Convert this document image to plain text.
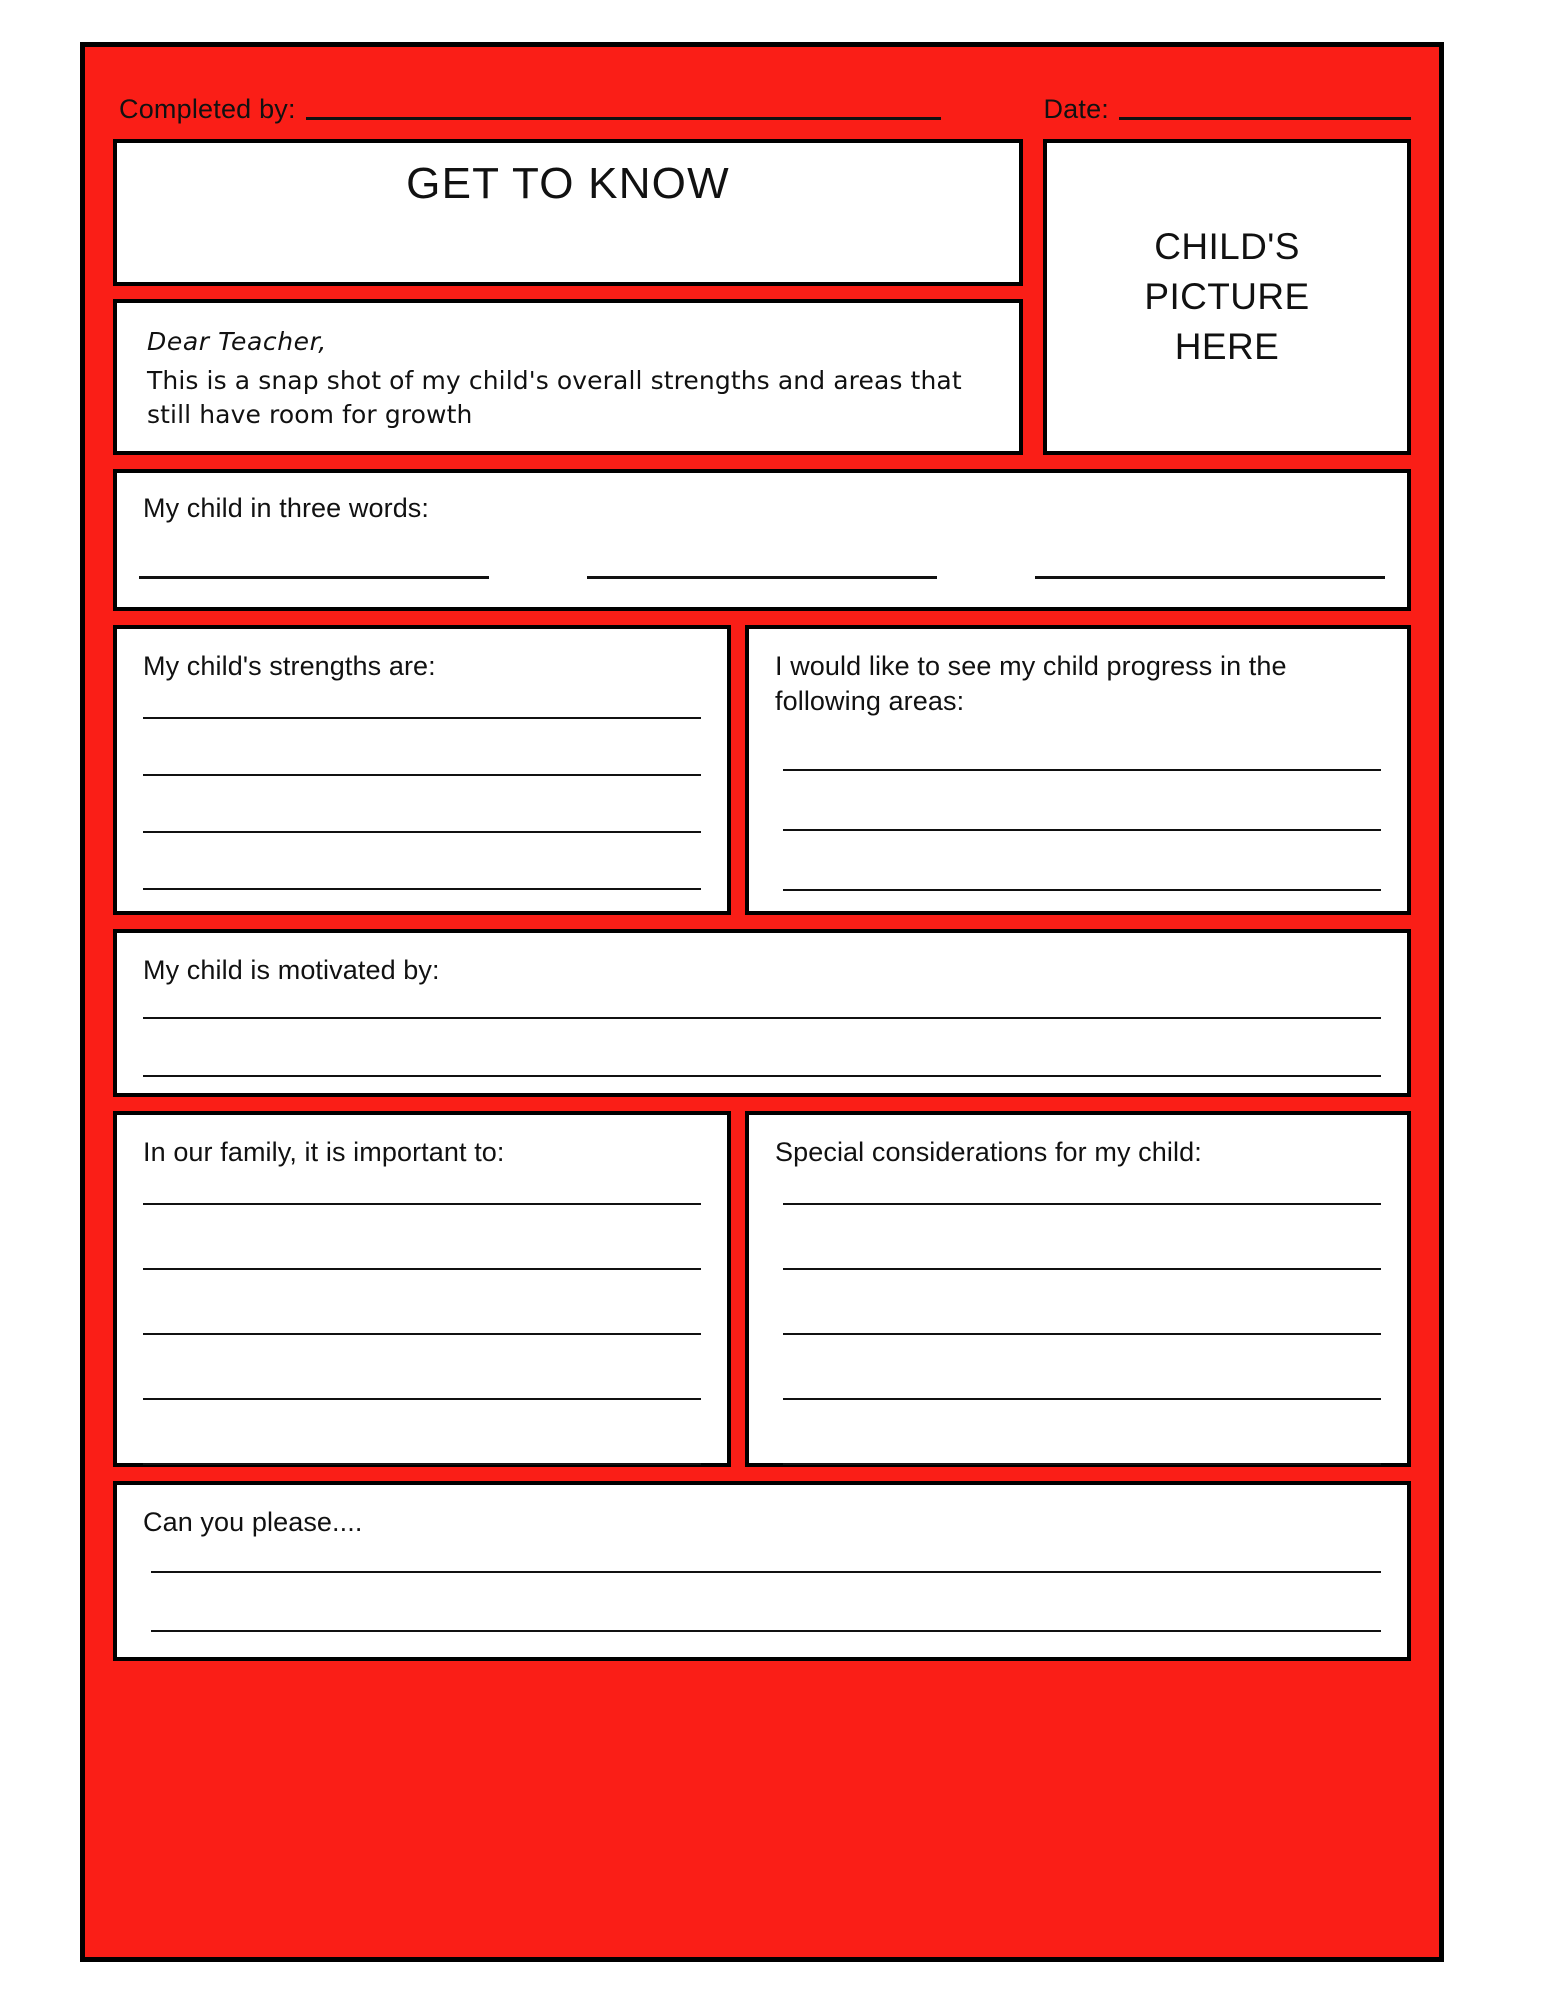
Completed by:	Date:
GET TO KNOW
Dear Teacher,
This is a snap shot of my child's overall strengths and areas that still have room for growth
CHILD'S
PICTURE
HERE
My child in three words:
My child's strengths are:	I would like to see my child progress in the following areas:
My child is motivated by:
In our family, it is important to:	Special considerations for my child:
Can you please....
